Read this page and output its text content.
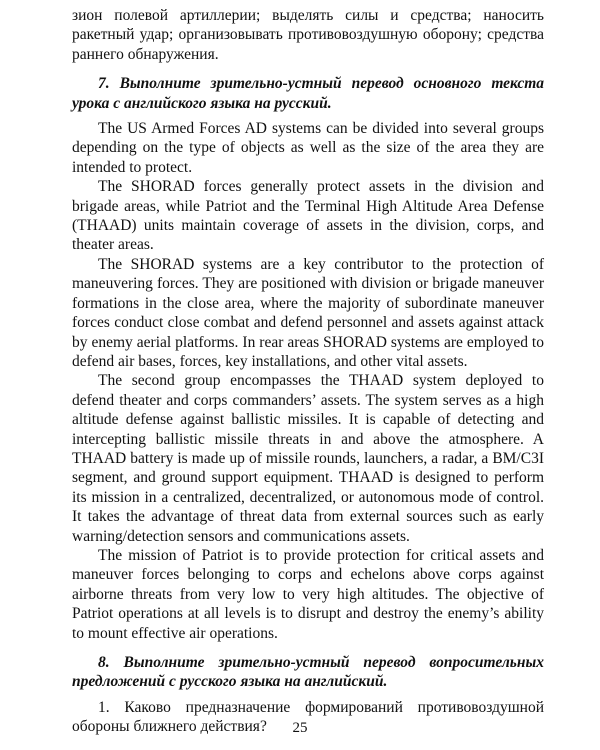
зион полевой артиллерии; выделять силы и средства; наносить ракетный удар; организовывать противовоздушную оборону; средства раннего обнаружения.

7. Выполните зрительно-устный перевод основного текста урока с английского языка на русский.

The US Armed Forces AD systems can be divided into several groups depending on the type of objects as well as the size of the area they are intended to protect.

The SHORAD forces generally protect assets in the division and brigade areas, while Patriot and the Terminal High Altitude Area Defense (THAAD) units maintain coverage of assets in the division, corps, and theater areas.

The SHORAD systems are a key contributor to the protection of maneuvering forces. They are positioned with division or brigade maneuver formations in the close area, where the majority of subordinate maneuver forces conduct close combat and defend personnel and assets against attack by enemy aerial platforms. In rear areas SHORAD systems are employed to defend air bases, forces, key installations, and other vital assets.

The second group encompasses the THAAD system deployed to defend theater and corps commanders’ assets. The system serves as a high altitude defense against ballistic missiles. It is capable of detecting and intercepting ballistic missile threats in and above the atmosphere. A THAAD battery is made up of missile rounds, launchers, a radar, a BM/C3I segment, and ground support equipment. THAAD is designed to perform its mission in a centralized, decentralized, or autonomous mode of control. It takes the advantage of threat data from external sources such as early warning/detection sensors and communications assets.

The mission of Patriot is to provide protection for critical assets and maneuver forces belonging to corps and echelons above corps against airborne threats from very low to very high altitudes. The objective of Patriot operations at all levels is to disrupt and destroy the enemy’s ability to mount effective air operations.

8. Выполните зрительно-устный перевод вопросительных предложений с русского языка на английский.

1. Каково предназначение формирований противовоздушной обороны ближнего действия?	25
